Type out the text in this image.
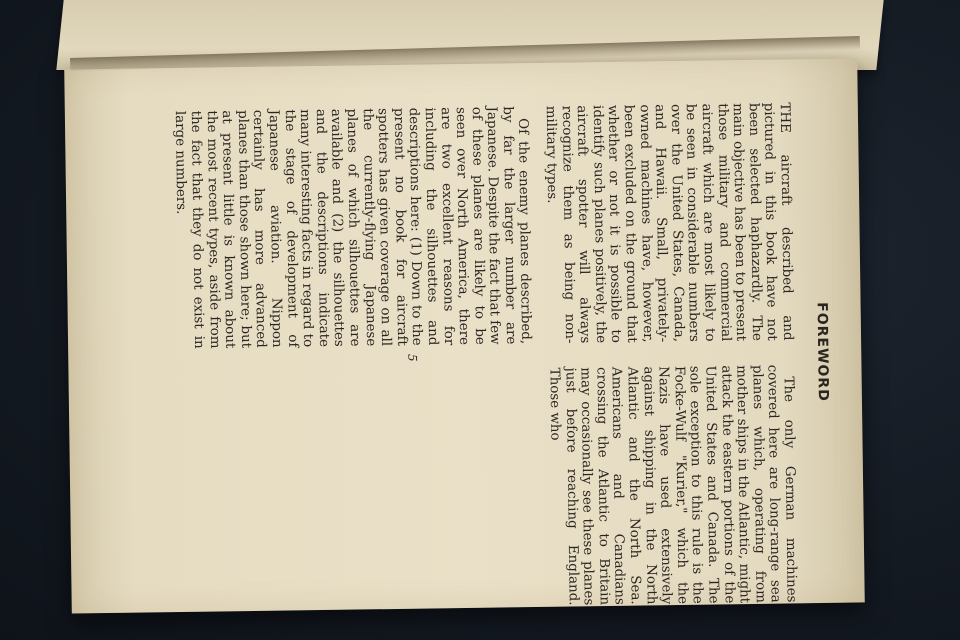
FOREWORD

THE aircraft described and pictured in this book have not been selected haphazardly. The main objective has been to present those military and commercial aircraft which are most likely to be seen in considerable numbers over the United States, Canada, and Hawaii. Small, privately-owned machines have, however, been excluded on the ground that whether or not it is possible to identify such planes positively, the aircraft spotter will always recognize them as being non-military types.

Of the enemy planes described, by far the larger number are Japanese. Despite the fact that few of these planes are likely to be seen over North America, there are two excellent reasons for including the silhouettes and descriptions here: (1) Down to the present no book for aircraft spotters has given coverage on all the currently-flying Japanese planes of which silhouettes are available and (2) the silhouettes and the descriptions indicate many interesting facts in regard to the stage of development of Japanese aviation. Nippon certainly has more advanced planes than those shown here; but at present little is known about the most recent types, aside from the fact that they do not exist in large numbers.

The only German machines covered here are long-range sea planes which, operating from mother ships in the Atlantic, might attack the eastern portions of the United States and Canada. The sole exception to this rule is the Focke-Wulf "Kurier," which the Nazis have used extensively against shipping in the North Atlantic and the North Sea. Americans and Canadians crossing the Atlantic to Britain may occasionally see these planes just before reaching England. Those who

5
